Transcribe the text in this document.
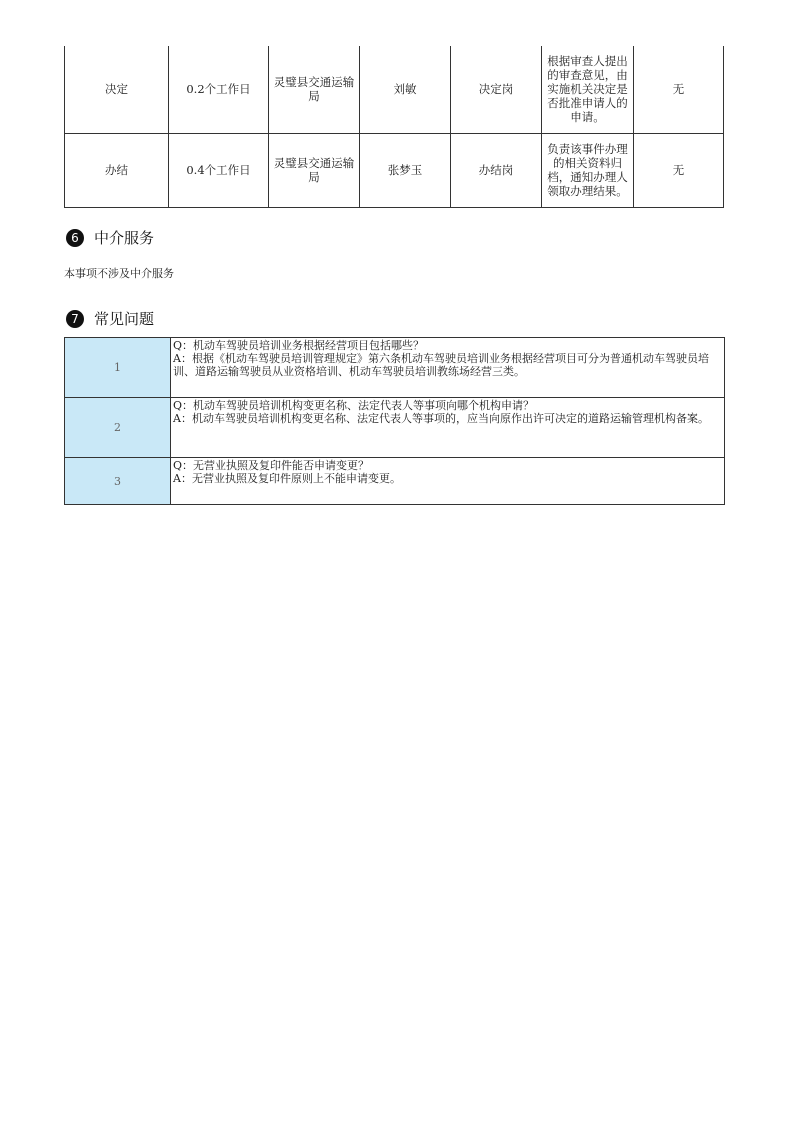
决定	0.2个工作日	灵璧县交通运输局	刘敏	决定岗	根据审查人提出的审查意见，由实施机关决定是否批准申请人的申请。	无
办结	0.4个工作日	灵璧县交通运输局	张梦玉	办结岗	负责该事件办理的相关资料归档，通知办理人领取办理结果。	无
6	中介服务
本事项不涉及中介服务
7	常见问题
1	Q：机动车驾驶员培训业务根据经营项目包括哪些？
A：根据《机动车驾驶员培训管理规定》第六条机动车驾驶员培训业务根据经营项目可分为普通机动车驾驶员培训、道路运输驾驶员从业资格培训、机动车驾驶员培训教练场经营三类。

2	Q：机动车驾驶员培训机构变更名称、法定代表人等事项向哪个机构申请？
A：机动车驾驶员培训机构变更名称、法定代表人等事项的，应当向原作出许可决定的道路运输管理机构备案。

3	Q：无营业执照及复印件能否申请变更？
A：无营业执照及复印件原则上不能申请变更。
